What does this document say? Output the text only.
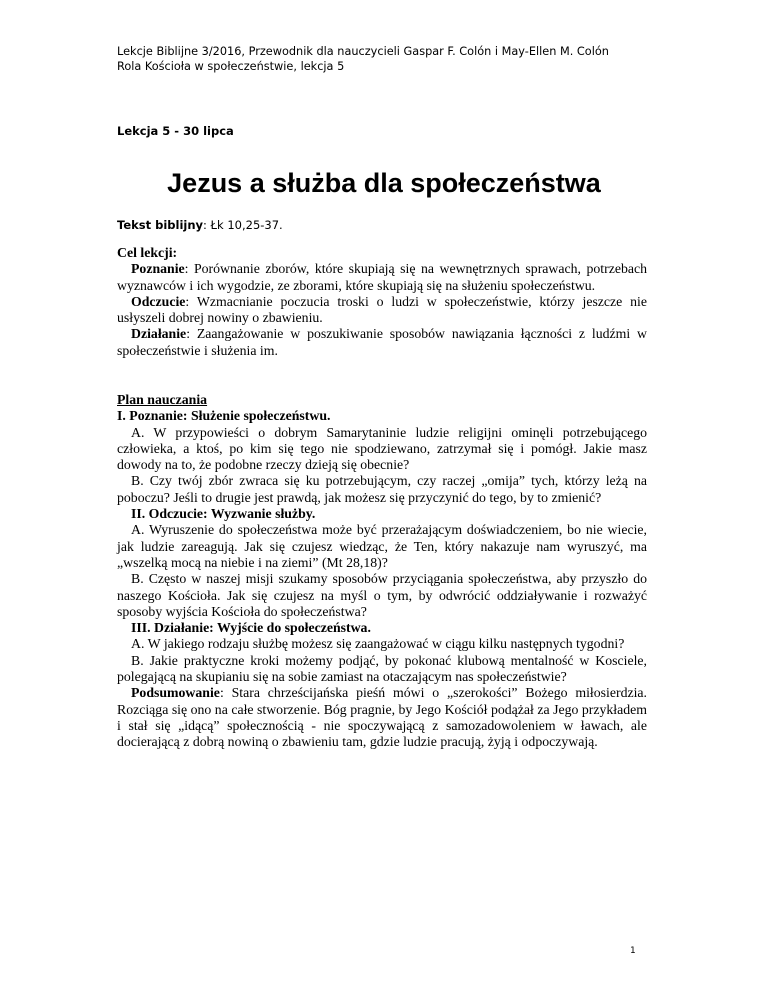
Lekcje Biblijne 3/2016, Przewodnik dla nauczycieli Gaspar F. Colón i May-Ellen M. Colón
Rola Kościoła w społeczeństwie, lekcja 5
Lekcja 5 - 30 lipca
Jezus a służba dla społeczeństwa
Tekst biblijny: Łk 10,25-37.
Cel lekcji:

Poznanie: Porównanie zborów, które skupiają się na wewnętrznych sprawach, potrzebach wyznawców i ich wygodzie, ze zborami, które skupiają się na służeniu społeczeństwu.

Odczucie: Wzmacnianie poczucia troski o ludzi w społeczeństwie, którzy jeszcze nie usłyszeli dobrej nowiny o zbawieniu.

Działanie: Zaangażowanie w poszukiwanie sposobów nawiązania łączności z ludźmi w społeczeństwie i służenia im.

Plan nauczania
I. Poznanie: Służenie społeczeństwu.

A. W przypowieści o dobrym Samarytaninie ludzie religijni ominęli potrzebującego człowieka, a ktoś, po kim się tego nie spodziewano, zatrzymał się i pomógł. Jakie masz dowody na to, że podobne rzeczy dzieją się obecnie?

B. Czy twój zbór zwraca się ku potrzebującym, czy raczej „omija” tych, którzy leżą na poboczu? Jeśli to drugie jest prawdą, jak możesz się przyczynić do tego, by to zmienić?

II. Odczucie: Wyzwanie służby.

A. Wyruszenie do społeczeństwa może być przerażającym doświadczeniem, bo nie wiecie, jak ludzie zareagują. Jak się czujesz wiedząc, że Ten, który nakazuje nam wyruszyć, ma „wszelką mocą na niebie i na ziemi” (Mt 28,18)?

B. Często w naszej misji szukamy sposobów przyciągania społeczeństwa, aby przyszło do naszego Kościoła. Jak się czujesz na myśl o tym, by odwrócić oddziaływanie i rozważyć sposoby wyjścia Kościoła do społeczeństwa?

III. Działanie: Wyjście do społeczeństwa.

A. W jakiego rodzaju służbę możesz się zaangażować w ciągu kilku następnych tygodni?

B. Jakie praktyczne kroki możemy podjąć, by pokonać klubową mentalność w Kosciele, polegającą na skupianiu się na sobie zamiast na otaczającym nas społeczeństwie?

Podsumowanie: Stara chrześcijańska pieśń mówi o „szerokości” Bożego miłosierdzia. Rozciąga się ono na całe stworzenie. Bóg pragnie, by Jego Kościół podążał za Jego przykładem i stał się „idącą” społecznością - nie spoczywającą z samozadowoleniem w ławach, ale docierającą z dobrą nowiną o zbawieniu tam, gdzie ludzie pracują, żyją i odpoczywają.

1
